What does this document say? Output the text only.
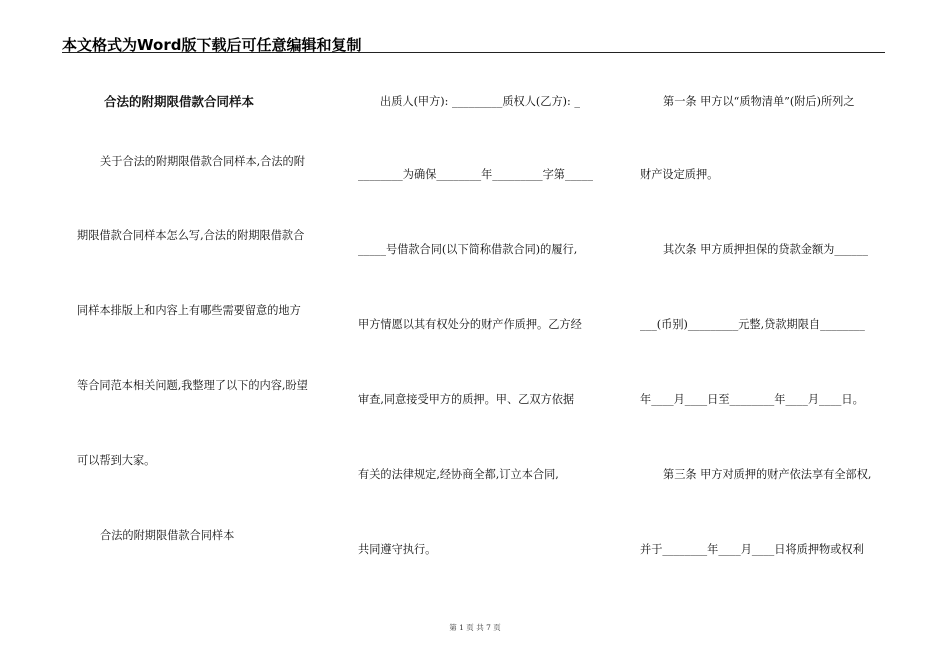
本文格式为Word版下载后可任意编辑和复制
合法的附期限借款合同样本
关于合法的附期限借款合同样本,合法的附
期限借款合同样本怎么写,合法的附期限借款合
同样本排版上和内容上有哪些需要留意的地方
等合同范本相关问题,我整理了以下的内容,盼望
可以帮到大家。
合法的附期限借款合同样本
出质人(甲方): _________质权人(乙方): _
________为确保________年_________字第_____
_____号借款合同(以下简称借款合同)的履行,
甲方情愿以其有权处分的财产作质押。乙方经
审查,同意接受甲方的质押。甲、乙双方依据
有关的法律规定,经协商全都,订立本合同,
共同遵守执行。
第一条 甲方以“质物清单”(附后)所列之
财产设定质押。
其次条 甲方质押担保的贷款金额为______
___(币别)_________元整,贷款期限自________
年____月____日至________年____月____日。
第三条 甲方对质押的财产依法享有全部权,
并于________年____月____日将质押物或权利
第 1 页 共 7 页
